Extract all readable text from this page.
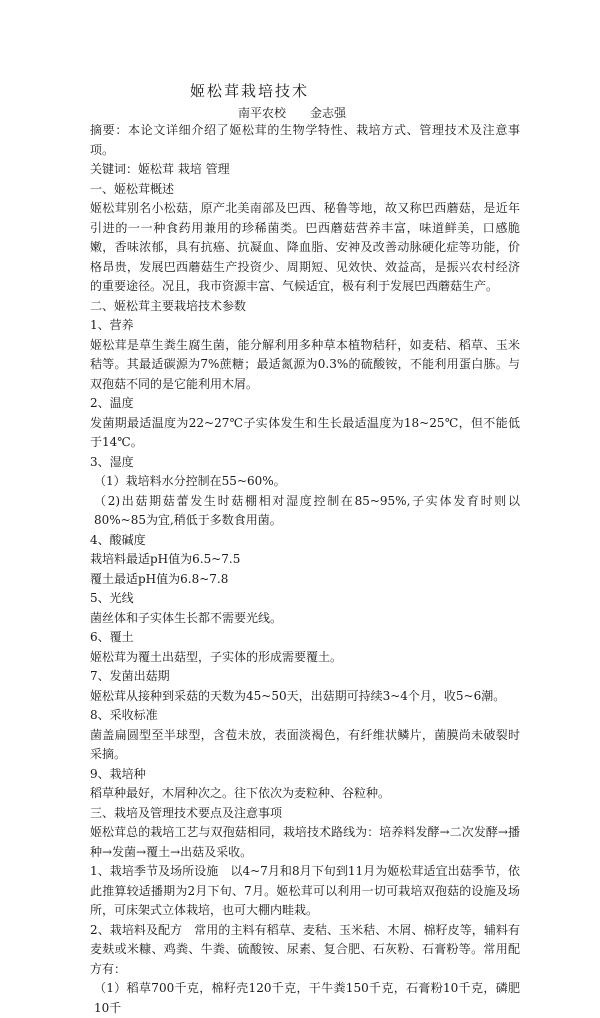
姬松茸栽培技术
南平农校 金志强

摘要：本论文详细介绍了姬松茸的生物学特性、栽培方式、管理技术及注意事项。

关键词：姬松茸 栽培 管理

一、姬松茸概述

姬松茸别名小松菇，原产北美南部及巴西、秘鲁等地，故又称巴西蘑菇，是近年引进的一一种食药用兼用的珍稀菌类。巴西蘑菇营养丰富，味道鲜美，口感脆嫩，香味浓郁，具有抗癌、抗凝血、降血脂、安神及改善动脉硬化症等功能，价格昂贵，发展巴西蘑菇生产投资少、周期短、见效快、效益高，是振兴农村经济的重要途径。况且，我市资源丰富、气候适宜，极有利于发展巴西蘑菇生产。

二、姬松茸主要栽培技术参数

1、营养

姬松茸是草生粪生腐生菌，能分解利用多种草本植物秸秆，如麦秸、稻草、玉米秸等。其最适碳源为7%蔗糖；最适氮源为0.3%的硫酸铵，不能利用蛋白胨。与双孢菇不同的是它能利用木屑。

2、温度

发菌期最适温度为22~27℃子实体发生和生长最适温度为18~25℃，但不能低于14℃。

3、湿度

（1）栽培料水分控制在55~60%。

（2)出菇期菇蕾发生时菇棚相对湿度控制在85~95%,子实体发育时则以80%~85为宜,稍低于多数食用菌。

4、酸碱度

栽培料最适pH值为6.5~7.5

覆土最适pH值为6.8~7.8

5、光线

菌丝体和子实体生长都不需要光线。

6、覆土

姬松茸为覆土出菇型，子实体的形成需要覆土。

7、发菌出菇期

姬松茸从接种到采菇的天数为45~50天，出菇期可持续3~4个月，收5~6潮。

8、采收标准

菌盖扁圆型至半球型，含苞未放，表面淡褐色，有纤维状鳞片，菌膜尚未破裂时采摘。

9、栽培种

稻草种最好，木屑种次之。往下依次为麦粒种、谷粒种。

三、栽培及管理技术要点及注意事项

姬松茸总的栽培工艺与双孢菇相同，栽培技术路线为：培养料发酵→二次发酵→播种→发菌→覆土→出菇及采收。

1、栽培季节及场所设施　以4~7月和8月下旬到11月为姬松茸适宜出菇季节，依此推算较适播期为2月下旬、7月。姬松茸可以利用一切可栽培双孢菇的设施及场所，可床架式立体栽培，也可大棚内畦栽。

2、栽培料及配方　常用的主料有稻草、麦秸、玉米秸、木屑、棉籽皮等，辅料有麦麸或米糠、鸡粪、牛粪、硫酸铵、尿素、复合肥、石灰粉、石膏粉等。常用配方有：

（1）稻草700千克，棉籽壳120千克，干牛粪150千克，石膏粉10千克，磷肥10千
